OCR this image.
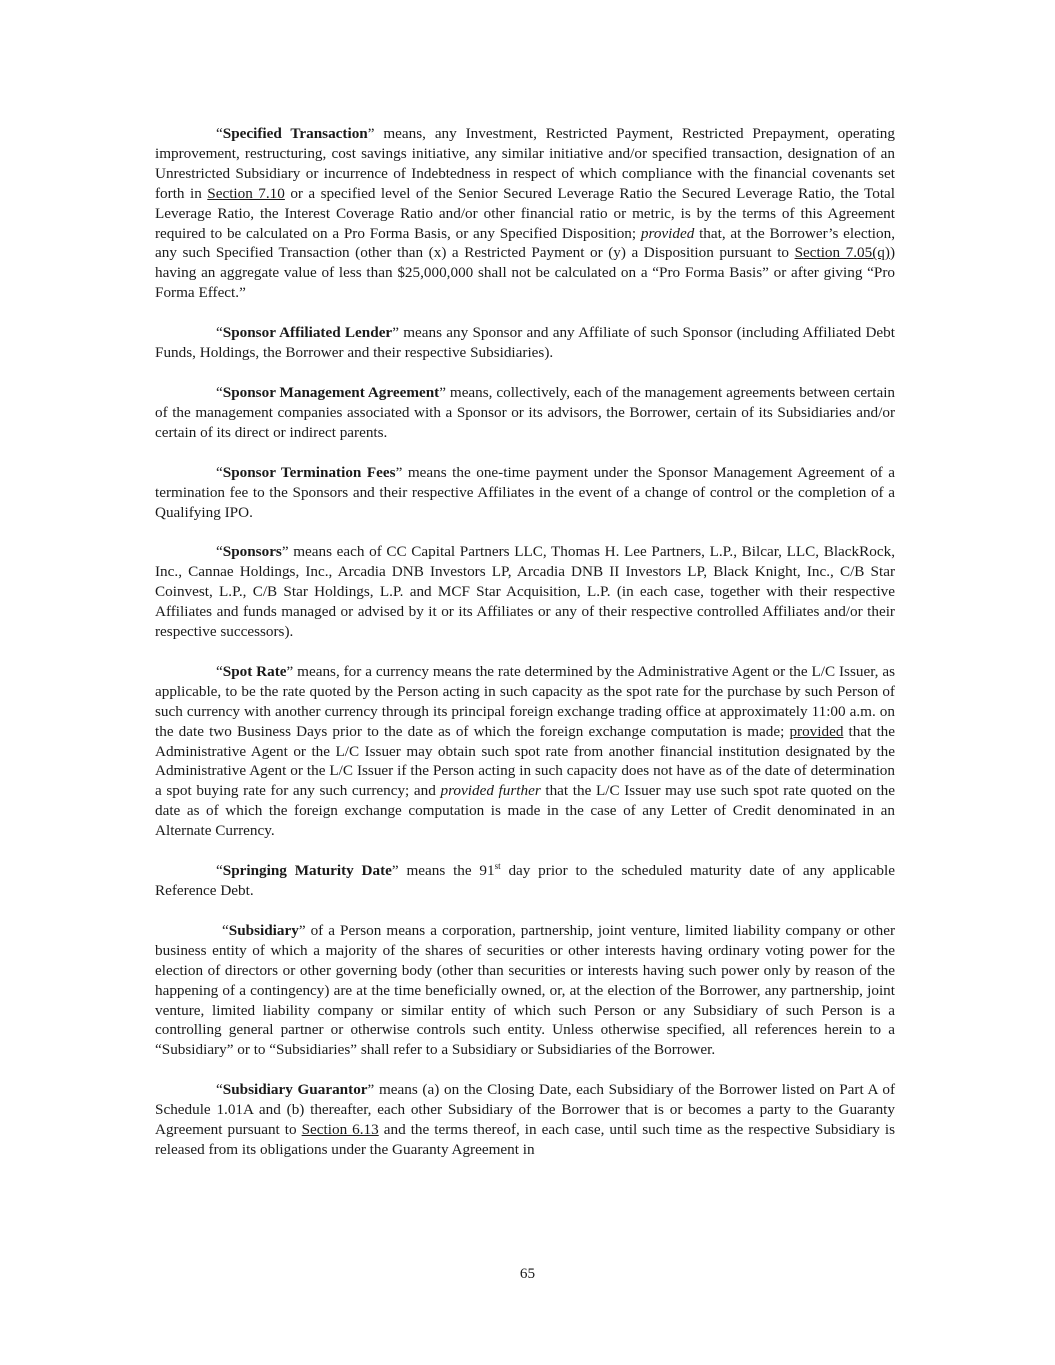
“Specified Transaction” means, any Investment, Restricted Payment, Restricted Prepayment, operating improvement, restructuring, cost savings initiative, any similar initiative and/or specified transaction, designation of an Unrestricted Subsidiary or incurrence of Indebtedness in respect of which compliance with the financial covenants set forth in Section 7.10 or a specified level of the Senior Secured Leverage Ratio the Secured Leverage Ratio, the Total Leverage Ratio, the Interest Coverage Ratio and/or other financial ratio or metric, is by the terms of this Agreement required to be calculated on a Pro Forma Basis, or any Specified Disposition; provided that, at the Borrower’s election, any such Specified Transaction (other than (x) a Restricted Payment or (y) a Disposition pursuant to Section 7.05(q)) having an aggregate value of less than $25,000,000 shall not be calculated on a “Pro Forma Basis” or after giving “Pro Forma Effect.”

“Sponsor Affiliated Lender” means any Sponsor and any Affiliate of such Sponsor (including Affiliated Debt Funds, Holdings, the Borrower and their respective Subsidiaries).

“Sponsor Management Agreement” means, collectively, each of the management agreements between certain of the management companies associated with a Sponsor or its advisors, the Borrower, certain of its Subsidiaries and/or certain of its direct or indirect parents.

“Sponsor Termination Fees” means the one-time payment under the Sponsor Management Agreement of a termination fee to the Sponsors and their respective Affiliates in the event of a change of control or the completion of a Qualifying IPO.

“Sponsors” means each of CC Capital Partners LLC, Thomas H. Lee Partners, L.P., Bilcar, LLC, BlackRock, Inc., Cannae Holdings, Inc., Arcadia DNB Investors LP, Arcadia DNB II Investors LP, Black Knight, Inc., C/B Star Coinvest, L.P., C/B Star Holdings, L.P. and MCF Star Acquisition, L.P. (in each case, together with their respective Affiliates and funds managed or advised by it or its Affiliates or any of their respective controlled Affiliates and/or their respective successors).

“Spot Rate” means, for a currency means the rate determined by the Administrative Agent or the L/C Issuer, as applicable, to be the rate quoted by the Person acting in such capacity as the spot rate for the purchase by such Person of such currency with another currency through its principal foreign exchange trading office at approximately 11:00 a.m. on the date two Business Days prior to the date as of which the foreign exchange computation is made; provided that the Administrative Agent or the L/C Issuer may obtain such spot rate from another financial institution designated by the Administrative Agent or the L/C Issuer if the Person acting in such capacity does not have as of the date of determination a spot buying rate for any such currency; and provided further that the L/C Issuer may use such spot rate quoted on the date as of which the foreign exchange computation is made in the case of any Letter of Credit denominated in an Alternate Currency.

“Springing Maturity Date” means the 91st day prior to the scheduled maturity date of any applicable Reference Debt.

“Subsidiary” of a Person means a corporation, partnership, joint venture, limited liability company or other business entity of which a majority of the shares of securities or other interests having ordinary voting power for the election of directors or other governing body (other than securities or interests having such power only by reason of the happening of a contingency) are at the time beneficially owned, or, at the election of the Borrower, any partnership, joint venture, limited liability company or similar entity of which such Person or any Subsidiary of such Person is a controlling general partner or otherwise controls such entity. Unless otherwise specified, all references herein to a “Subsidiary” or to “Subsidiaries” shall refer to a Subsidiary or Subsidiaries of the Borrower.

“Subsidiary Guarantor” means (a) on the Closing Date, each Subsidiary of the Borrower listed on Part A of Schedule 1.01A and (b) thereafter, each other Subsidiary of the Borrower that is or becomes a party to the Guaranty Agreement pursuant to Section 6.13 and the terms thereof, in each case, until such time as the respective Subsidiary is released from its obligations under the Guaranty Agreement in

65
